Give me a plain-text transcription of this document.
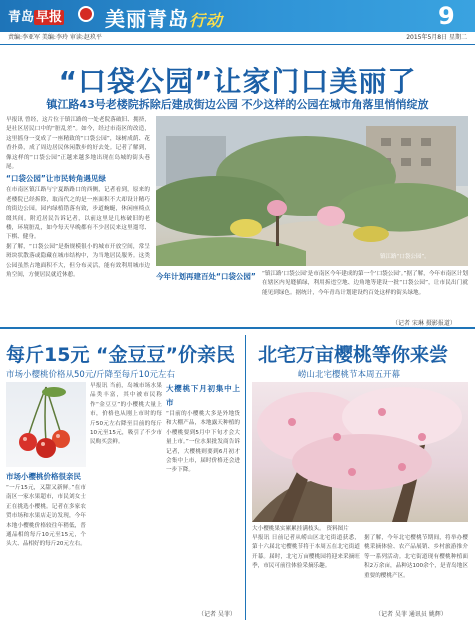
青岛 早报 美丽青岛行动	9
责编:李亚军 美编:李玲 审读:赵玖平	2015年5月8日 星期二
“口袋公园”让家门口美丽了
镇江路43号老楼院拆除后建成街边公园 不少这样的公园在城市角落里悄悄绽放
早报讯 曾经，这片位于镇江路的一处老院落破旧、拥挤，是社区居民口中的“脏乱差”。如今，经过市南区的改造，这里摇身一变成了一座精致的“口袋公园”，绿树成荫、花香扑鼻，成了周边居民休闲散步的好去处。记者了解到，像这样的“口袋公园”正越来越多地出现在岛城的街头巷尾。
“口袋公园”让市民转角遇见绿
在市南区镇江路与宁夏路路口的西侧，记者看到，原来的老楼院已经拆除，取而代之的是一座面积不大却设计精巧的街边公园。园内绿植错落有致，步道蜿蜒，休闲座椅点缀其间。附近居民告诉记者，以前这里是几栋破旧的老楼，环境脏乱，如今每天早晚都有不少居民来这里遛弯、下棋、健身。
据了解，“口袋公园”是指规模很小的城市开放空间，常呈斑块状散落或隐藏在城市结构中，为当地居民服务。这类公园虽然占地面积不大，但分布灵活，能有效利用城市边角空间，方便居民就近休憩。
镇江路“口袋公园”。
今年计划再建百处“口袋公园” “镇江路‘口袋公园’是市南区今年建成的第一个‘口袋公园’。”据了解，今年市南区计划在辖区内见缝插绿，利用拆违空地、边角地等建设一批“口袋公园”，让市民出门就能见到绿色。据统计，今年青岛计划建设约百处这样的街头绿地。
（记者 宋琳 摄影报道）
每斤15元 “金豆豆”价亲民
市场小樱桃价格从50元/斤降至每斤10元左右
早报讯 当前，岛城市场水果品类丰富，其中被市民称作“金豆豆”的小樱桃大量上市，价格也从刚上市时的每斤50元左右降至目前的每斤10元至15元，吸引了不少市民购买尝鲜。
市场小樱桃价格很亲民
“一斤15元，又甜又新鲜。”在市南区一家水果超市，市民刘女士正在挑选小樱桃。记者在多家农贸市场和水果店走访发现，今年本地小樱桃价格较往年稍低，普通品相的每斤10元至15元，个头大、品相好的每斤20元左右。
大樱桃下月初集中上市
“目前的小樱桃大多是外地货和大棚产品，本地露天种植的小樱桃要到5月中下旬才会大量上市。”一位水果批发商告诉记者，大樱桃则要到6月初才会集中上市，届时价格还会进一步下降。
（记者 吴菲）
北宅万亩樱桃等你来尝
崂山北宅樱桃节本周五开幕
大小樱桃果实累累挂满枝头。 资料图片
早报讯 日前记者从崂山区北宅街道获悉，第十六届北宅樱桃节将于本周五在北宅街道开幕。届时，北宅万亩樱桃园将迎来采摘旺季，市民可前往体验采摘乐趣。
据了解，今年北宅樱桃节期间，将举办樱桃采摘体验、农产品展销、乡村旅游推介等一系列活动。北宅街道现有樱桃种植面积2万余亩，品种达100余个，是青岛地区重要的樱桃产区。
（记者 吴菲 通讯员 姚辉）
